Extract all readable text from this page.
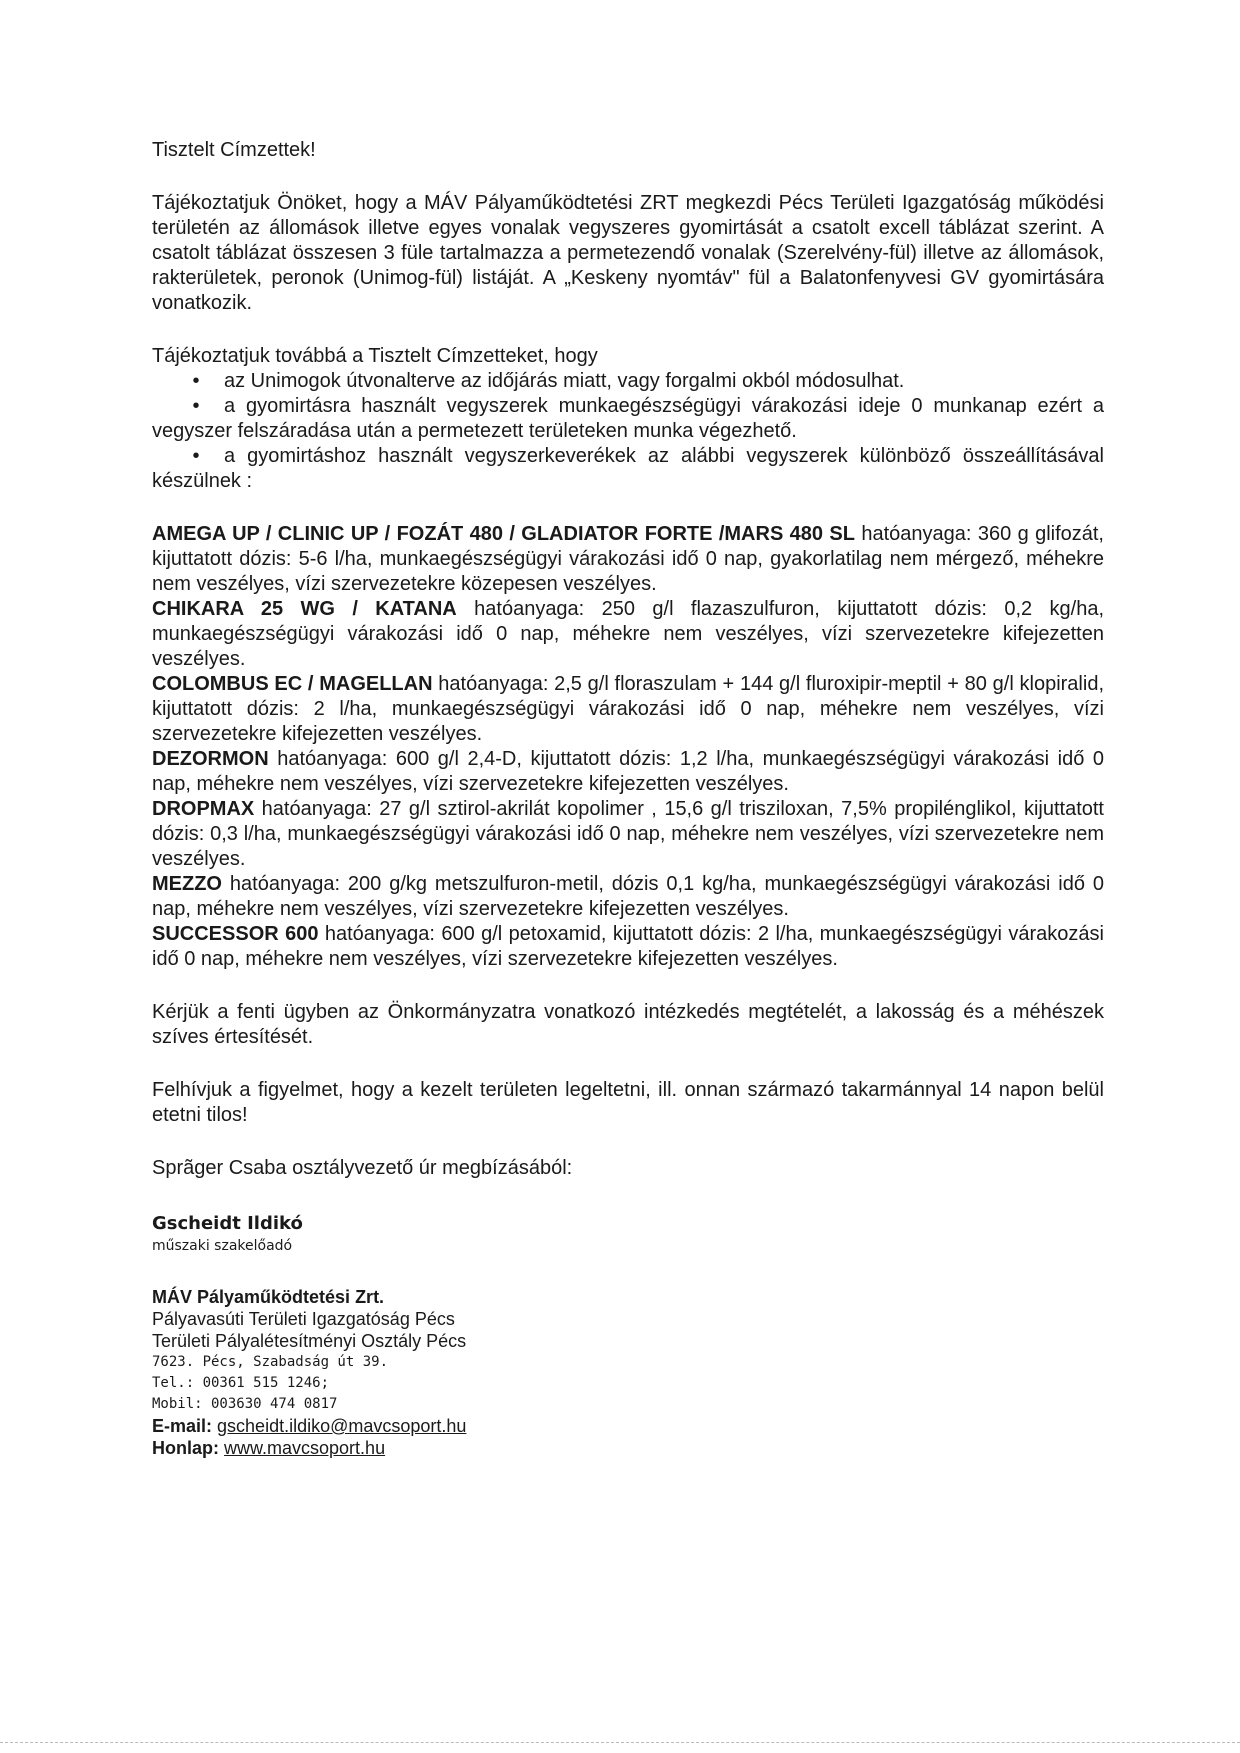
Tisztelt Címzettek!

Tájékoztatjuk Önöket, hogy a MÁV Pályaműködtetési ZRT megkezdi Pécs Területi Igazgatóság működési területén az állomások illetve egyes vonalak vegyszeres gyomirtását a csatolt excell táblázat szerint. A csatolt táblázat összesen 3 füle tartalmazza a permetezendő vonalak (Szerelvény-fül) illetve az állomások, rakterületek, peronok (Unimog-fül) listáját. A „Keskeny nyomtáv" fül a Balatonfenyvesi GV gyomirtására vonatkozik.

Tájékoztatjuk továbbá a Tisztelt Címzetteket, hogy

• az Unimogok útvonalterve az időjárás miatt, vagy forgalmi okból módosulhat.
• a gyomirtásra használt vegyszerek munkaegészségügyi várakozási ideje 0 munkanap ezért a vegyszer felszáradása után a permetezett területeken munka végezhető.
• a gyomirtáshoz használt vegyszerkeverékek az alábbi vegyszerek különböző összeállításával készülnek :

AMEGA UP / CLINIC UP / FOZÁT 480 / GLADIATOR FORTE /MARS 480 SL hatóanyaga: 360 g glifozát, kijuttatott dózis: 5-6 l/ha, munkaegészségügyi várakozási idő 0 nap, gyakorlatilag nem mérgező, méhekre nem veszélyes, vízi szervezetekre közepesen veszélyes.

CHIKARA 25 WG / KATANA hatóanyaga: 250 g/l flazaszulfuron, kijuttatott dózis: 0,2 kg/ha, munkaegészségügyi várakozási idő 0 nap, méhekre nem veszélyes, vízi szervezetekre kifejezetten veszélyes.

COLOMBUS EC / MAGELLAN hatóanyaga: 2,5 g/l floraszulam + 144 g/l fluroxipir-meptil + 80 g/l klopiralid, kijuttatott dózis: 2 l/ha, munkaegészségügyi várakozási idő 0 nap, méhekre nem veszélyes, vízi szervezetekre kifejezetten veszélyes.

DEZORMON hatóanyaga: 600 g/l 2,4-D, kijuttatott dózis: 1,2 l/ha, munkaegészségügyi várakozási idő 0 nap, méhekre nem veszélyes, vízi szervezetekre kifejezetten veszélyes.

DROPMAX hatóanyaga: 27 g/l sztirol-akrilát kopolimer , 15,6 g/l trisziloxan, 7,5% propilénglikol, kijuttatott dózis: 0,3 l/ha, munkaegészségügyi várakozási idő 0 nap, méhekre nem veszélyes, vízi szervezetekre nem veszélyes.

MEZZO hatóanyaga: 200 g/kg metszulfuron-metil, dózis 0,1 kg/ha, munkaegészségügyi várakozási idő 0 nap, méhekre nem veszélyes, vízi szervezetekre kifejezetten veszélyes.

SUCCESSOR 600 hatóanyaga: 600 g/l petoxamid, kijuttatott dózis: 2 l/ha, munkaegészségügyi várakozási idő 0 nap, méhekre nem veszélyes, vízi szervezetekre kifejezetten veszélyes.

Kérjük a fenti ügyben az Önkormányzatra vonatkozó intézkedés megtételét, a lakosság és a méhészek szíves értesítését.

Felhívjuk a figyelmet, hogy a kezelt területen legeltetni, ill. onnan származó takarmánnyal 14 napon belül etetni tilos!

Sprãger Csaba osztályvezető úr megbízásából:

Gscheidt Ildikó
műszaki szakelőadó
MÁV Pályaműködtetési Zrt.
Pályavasúti Területi Igazgatóság Pécs
Területi Pályalétesítményi Osztály Pécs
7623. Pécs, Szabadság út 39.
Tel.: 00361 515 1246;
Mobil: 003630 474 0817
E-mail: gscheidt.ildiko@mavcsoport.hu
Honlap: www.mavcsoport.hu
